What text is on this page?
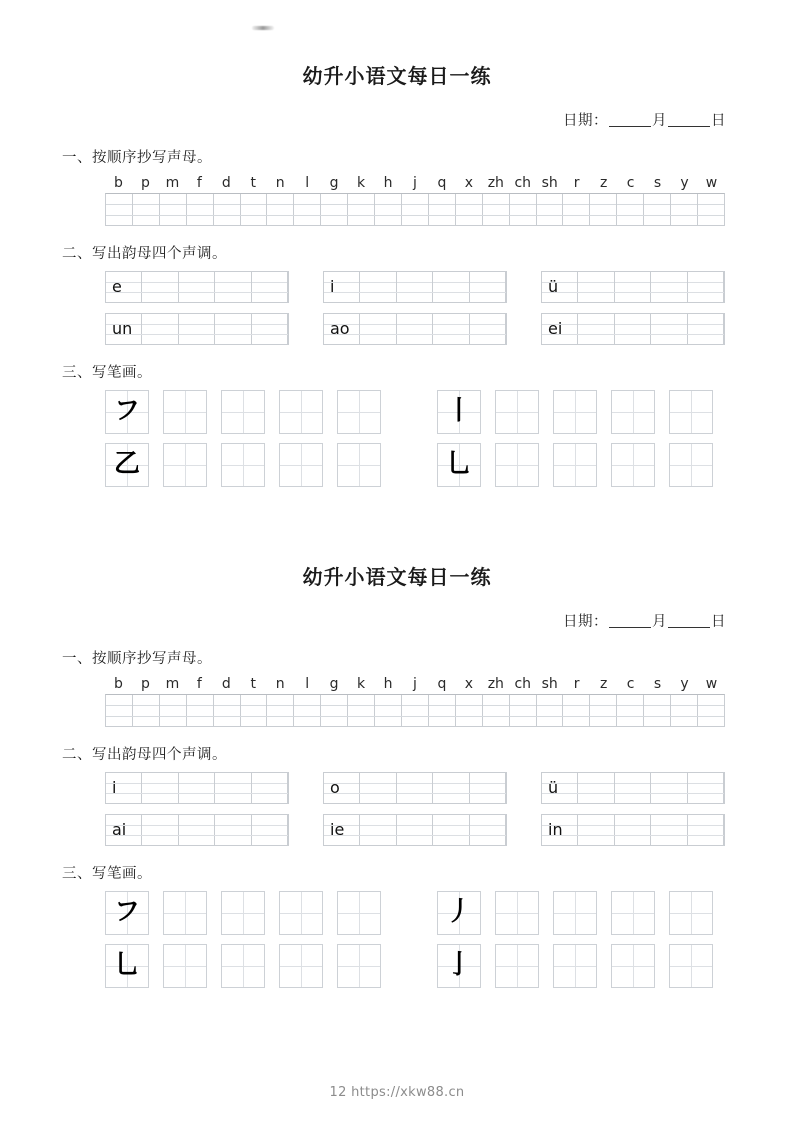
幼升小语文每日一练
日期：	月	日
一、按顺序抄写声母。
b	p	m	f	d	t	n	l	g	k	h	j	q	x	zh ch sh	r	z	c	s	y	w
二、写出韵母四个声调。
e	i	ü
un	ao	ei
三、写笔画。
フ	丨
乙	乚
幼升小语文每日一练
日期：	月	日
一、按顺序抄写声母。
b	p	m	f	d	t	n	l	g	k	h	j	q	x	zh ch sh	r	z	c	s	y	w
二、写出韵母四个声调。
i	o	ü
ai	ie	in
三、写笔画。
フ	丿
乚	亅
12 https://xkw88.cn
